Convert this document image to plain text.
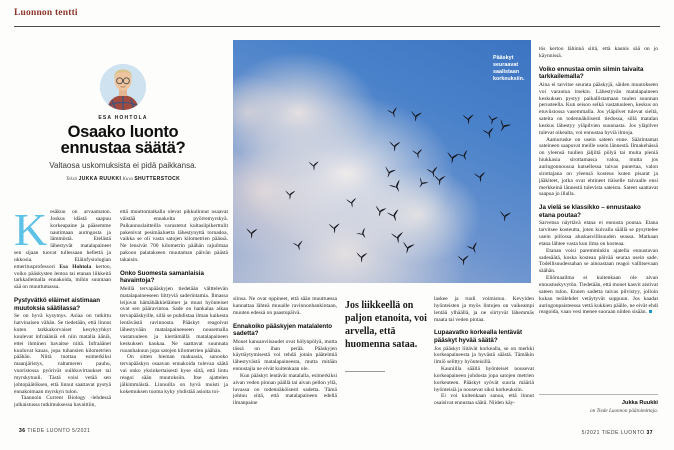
Luonnon tentti
ESA HOHTOLA
Osaako luonto
ennustaa säätä?
Valtaosa uskomuksista ei pidä paikkansa.
Teksti JUKKA RUUKKI Kuva SHUTTERSTOCK
Pääskyt seuraavat saalistaan korkeuksiin.

Kesäkuu on arvaamaton. Joskus idästä saapuu korkeapaine ja pääsemme nautimaan auringosta ja lämmöstä. Etelästä lähestyvät matalapaineet sen sijaan tuovat tullessaan hellettä ja ukkosia. Eläinfysiologian emeritusprofessori Esa Hohtola kertoo, voiko pääskysten lentoa tai etanan liikkeitä tarkkailemalla ennakoida, mihin suuntaan sää on muuttumassa.

Pystyvätkö eläimet aistimaan muutoksia säätilassa?

Se on hyvä kysymys. Asiaa on tutkittu harvinaisen vähän. Se tiedetään, että linnut kuten tarkkakorvaiset kesykyyhkyt kuulevat infraääniä eli niin matalia ääniä, ettei ihminen havaitse niitä. Infraäänet kuuluvat kauas, jopa tuhansien kilometrien päähän. Niitä tuottaa esimerkiksi maanjäristys, valtameren pauhu, vuoristossa pyörivät suihkuvirtaukset tai myrskytuuli. Tästä voisi vetää sen johtopäätöksen, että linnut saattavat pystyä ennakoimaan myrskyn tulon.

Taannoin Current Biology -lehdessä julkaistussa tutkimuksessa havaittiin,

että muuttomatkalla olevat pikkulinnut osaavat väistää ennakolta pyörremyrskyä. Paikannuslaitteilla varustetut kultasiipikerttulit pakenivat pesimäaluetta lähestynyttä tornadoa, vaikka se oli vasta satojen kilometrien päässä. Ne lensivät 700 kilometrin päähän rajuilmaa pakoon palatakseen muutaman päivän päästä takaisin.

Onko Suomesta samanlaisia havaintoja?

Meillä tervapääskyjen tiedetään välttelevän matalapaineeseen liittyviä saderintamia. Ilmassa leijuvat hämähäkkieläimet ja muut hyönteiset ovat sen pääravintoa. Sade on hankalaa aikaa tervapääskyille, sillä se puhdistaa ilman kaikesta lentävästä ravinnosta. Pääskyt reagoivat lähestyvään matalapaineeseen nousemalla vastatuuleen ja kiertämällä matalapaineen keskuksen kaukaa. Ne saattavat suunnata ruoanhakuun jopa satojen kilometrien päähän.

On sitten hieman makuasia, sanooko tervapääskyn osaavan ennakoida tulevaa säätä vai onko yksinkertaisesti kyse siitä, että lintu reagoi sään muutoksiin. Itse ajattelen jälkimmäistä. Linnuilla on hyvä muisti ja kokemuksen tuoma kyky yhdistää asioita toi-

siinsa. Ne ovat oppineet, että sään muuttuessa kannattaa lähteä muualle ravinnonhankintaan, muuten edessä on paastopäivä.

Ennakoiko pääskyjen matalalento sadetta?

Monet kansanviisaudet ovat hölynpölyä, mutta tässä on ihan perää. Pääskyjen käyttäytymisestä voi tehdä jotain päätelmiä lähestyvästä matalapaineesta, mutta mitään ennustajia ne eivät kuitenkaan ole.

Kun pääskyt lentävät matalalla, esimerkiksi aivan veden pinnan päällä tai aivan pellon yllä, luvassa on todennäköisesti sadetta. Tämä johtuu siitä, että matalapaineen edellä ilmanpaine

Jos liikkeellä on paljon etanoita, voi arvella, että huomenna sataa.

laskee ja tuuli voimistuu. Kevyiden hyönteisten ja myös lintujen on vaikeampi lentää ylhäällä, ja ne siirtyvät lähemmäs maata tai veden pintaa.

Lupaavatko korkealla lentävät pääskyt hyvää säätä?

Jos pääskyt liitävät korkealla, se on merkki korkeapaineesta ja hyvästä säästä. Tämäkin ilmiö selittyy hyönteisillä.

Kauniilla säällä hyönteiset nousevat korkeapaineen johdosta jopa satojen metrien korkeuteen. Pääskyt syövät suuria määriä hyönteisiä ja nousevat siksi korkeuksiin.

Ei voi kuitenkaan sanoa, että linnut osaisivat ennustaa säätä. Niiden käy-

tös kertoo lähinnä siitä, että kaunis sää on jo käynnissä.

Voiko ennustaa omin silmin taivaita tarkkailemalla?

Aina ei tarvitse seurata pääskyjä, säiden muutokseen voi varautua itsekin. Lähestyvän matalapaineen keskuksen pystyy paikallistamaan tuulen suunnan perusteella. Kun seisoo selkä vastatuuleen, keskus on etuviistossa vasemmalla. Jos yläpilvet tulevat sieltä, sateita on todennäköisesti tiedossa, sillä matalan keskus lähestyy yläpilvien suunnasta. Jos yläpilvet tulevat oikealta, voi ennustaa hyviä ilmoja.

Aamuruske on usein sateen enne. Säärintamat sateineen saapuvat meille usein lännestä. Ilmakehässä on yleensä tuulien jäljiltä pölyä tai muita pieniä hiukkasia sirottamassa valoa, mutta jos auringonnousua katsellessa taivas punertaa, valon sirottajana on yleensä kosteus kuten pisarat ja jääkiteet, jotka ovat ehtineet itäiselle taivaalle ensi merkkeinä lännestä tulevista sateista. Sateet saattavat saapua jo illalla.

Ja vielä se klassikko – ennustaako etana poutaa?

Sarvensa näyttävä etana ei ennusta poutaa. Etana tarvitsee kosteutta, joten kuivalla säällä se pysyttelee usein piilossa aluskasvillisuuden seassa. Matkaan etana lähtee vasta kun ilma on kosteaa.

Etanan voisi paremminkin ajatella ennustavan sadesäätä, koska kosteaa päivää seuraa usein sade. Todellisuudessahan se ainoastaan reagoi vallitsevaan säähän.

Eliömaailma ei kuitenkaan ole aivan ennustuskyvytön. Tiedetään, että monet kasvit aistivat sateen tulon. Ennen sadetta taivas pilvistyy, jolloin kukan terälehdet vetäytyvät suppuun. Jos kaadat auringonpaisteessa vettä kukkien päälle, ne eivät ehdi reagoida, vaan vesi menee suoraan niiden sisään.

Jukka Ruukki
on Tiede Luonnon päätoimittaja.
36 TIEDE LUONTO 5/2021	5/2021 TIEDE LUONTO 37
